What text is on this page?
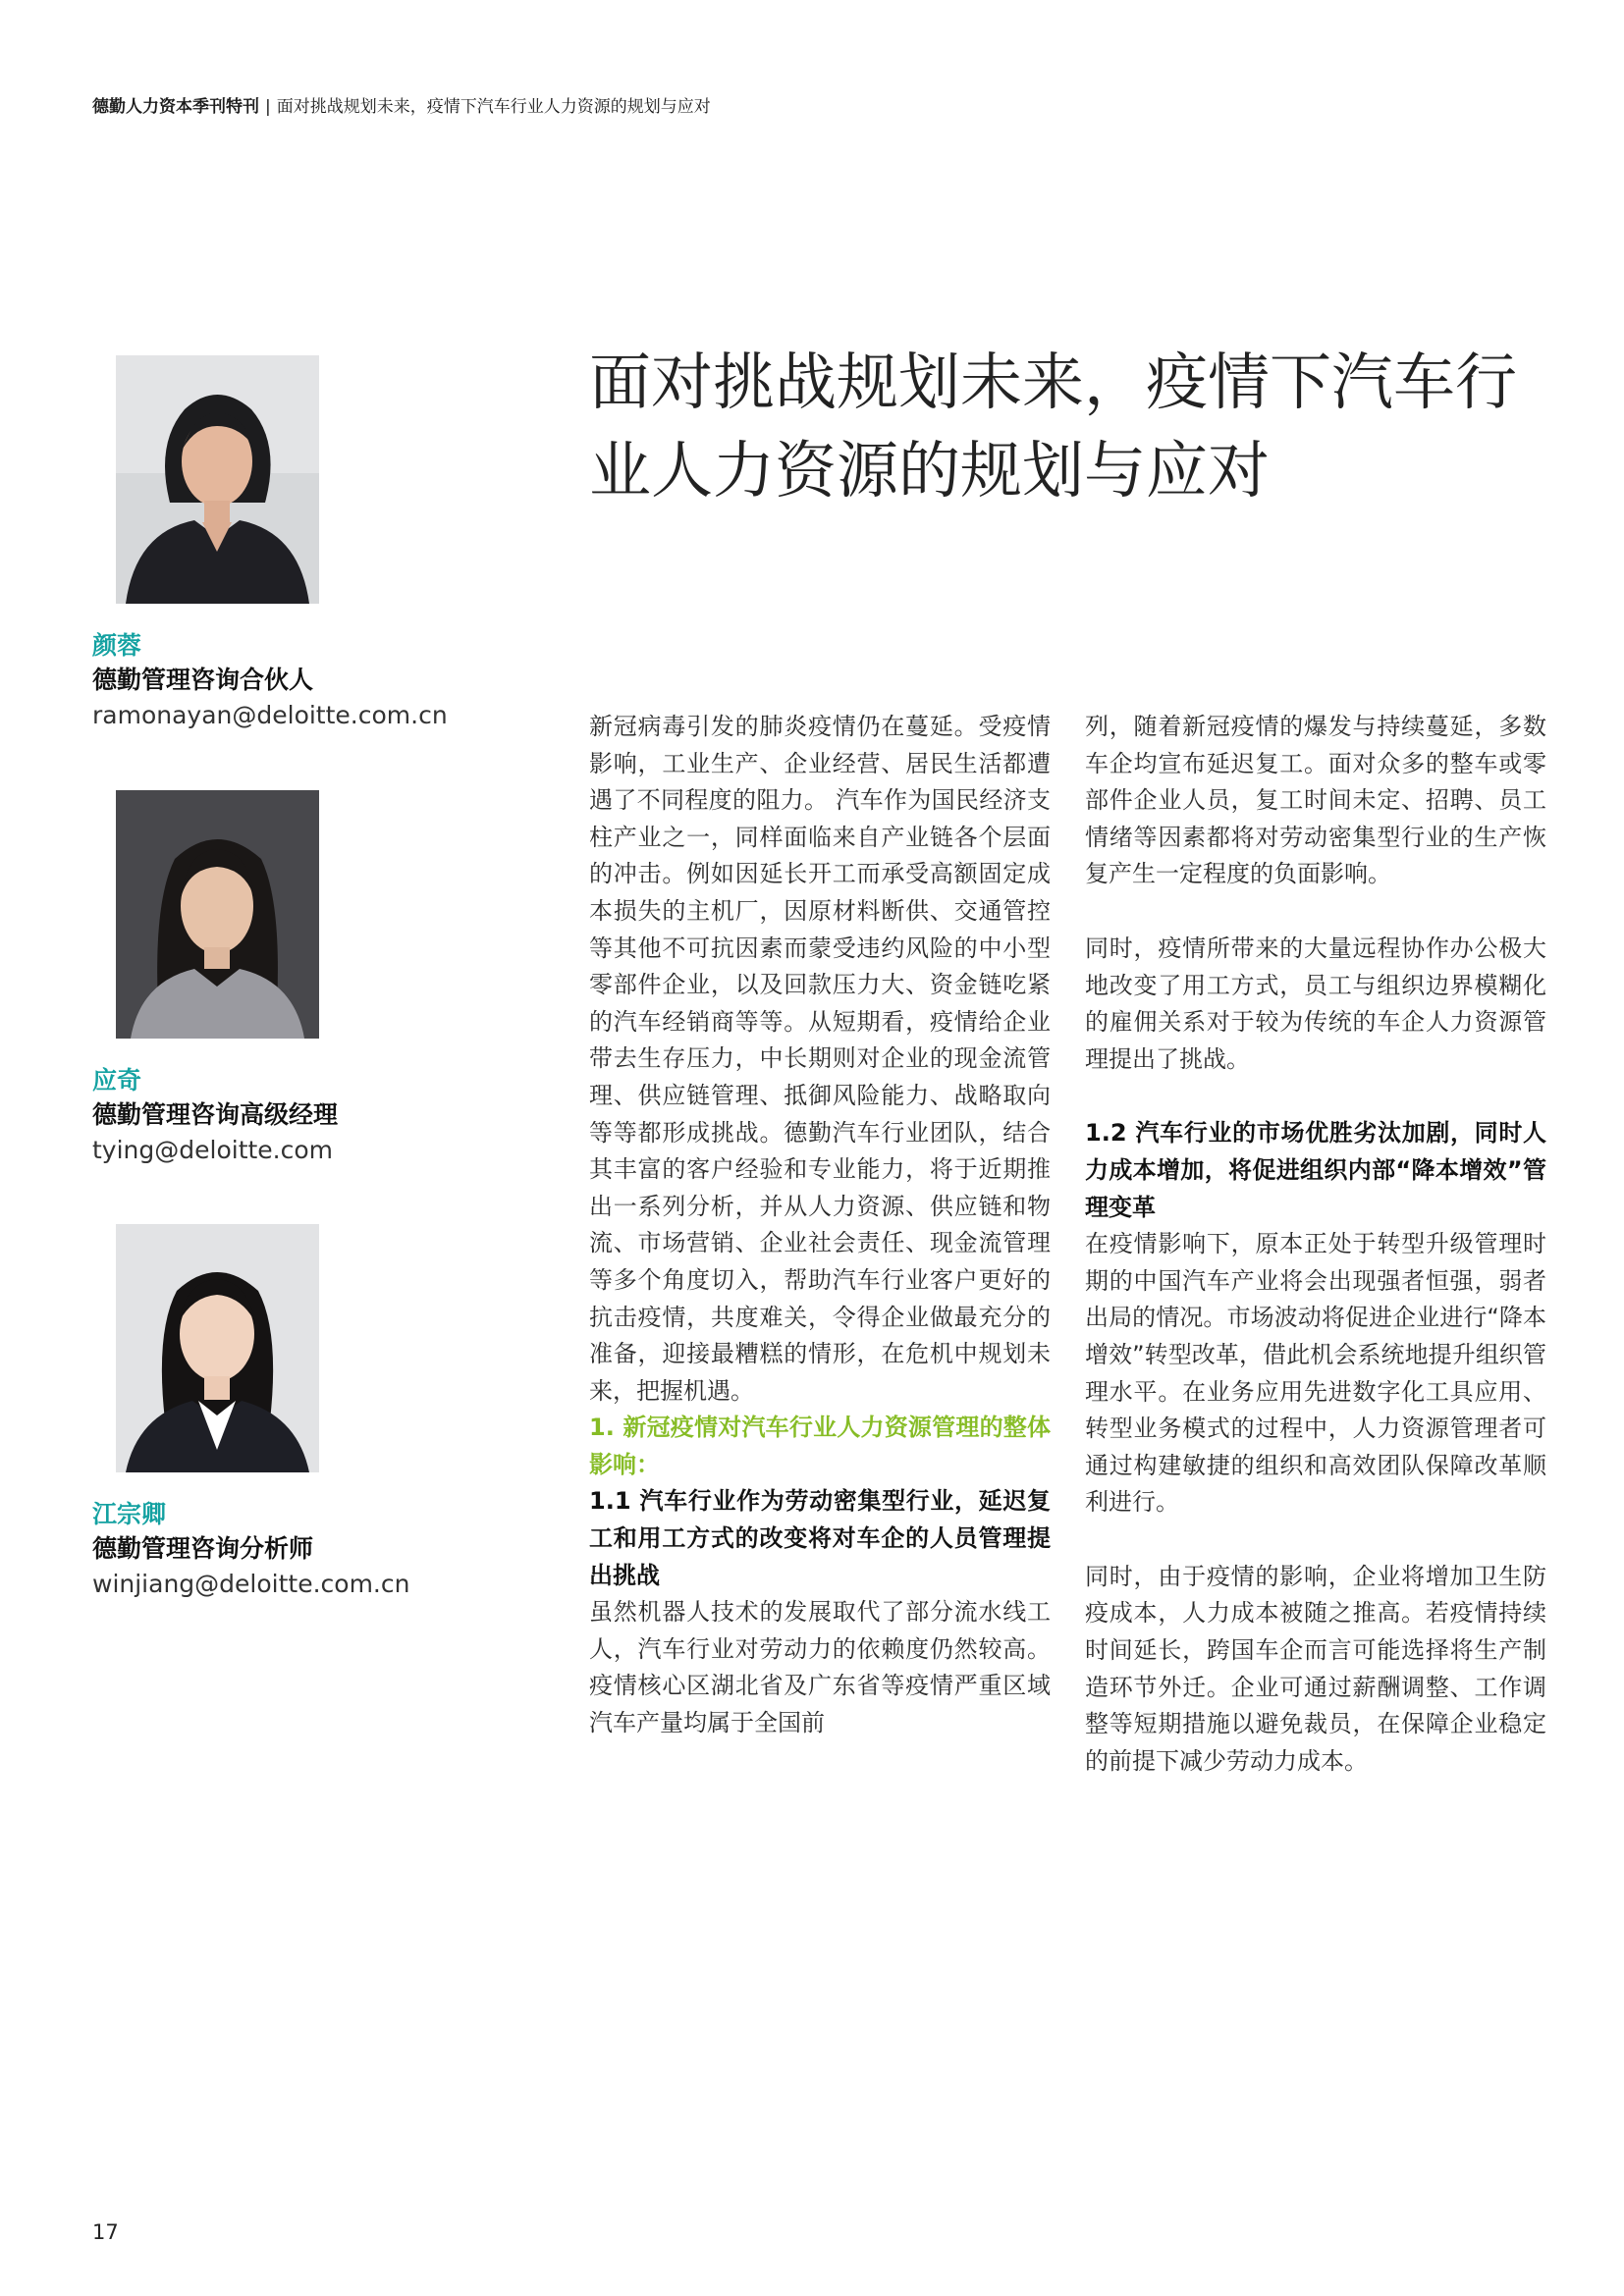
德勤人力资本季刊特刊 | 面对挑战规划未来，疫情下汽车行业人力资源的规划与应对
面对挑战规划未来，疫情下汽车行业人力资源的规划与应对
颜蓉
德勤管理咨询合伙人
ramonayan@deloitte.com.cn
应奇
德勤管理咨询高级经理
tying@deloitte.com
江宗卿
德勤管理咨询分析师
winjiang@deloitte.com.cn

新冠病毒引发的肺炎疫情仍在蔓延。受疫情影响，工业生产、企业经营、居民生活都遭遇了不同程度的阻力。 汽车作为国民经济支柱产业之一，同样面临来自产业链各个层面的冲击。例如因延长开工而承受高额固定成本损失的主机厂，因原材料断供、交通管控等其他不可抗因素而蒙受违约风险的中小型零部件企业，以及回款压力大、资金链吃紧的汽车经销商等等。从短期看，疫情给企业带去生存压力，中长期则对企业的现金流管理、供应链管理、抵御风险能力、战略取向等等都形成挑战。德勤汽车行业团队，结合其丰富的客户经验和专业能力，将于近期推出一系列分析，并从人力资源、供应链和物流、市场营销、企业社会责任、现金流管理等多个角度切入，帮助汽车行业客户更好的抗击疫情，共度难关，令得企业做最充分的准备，迎接最糟糕的情形，在危机中规划未来，把握机遇。

1. 新冠疫情对汽车行业人力资源管理的整体影响：

1.1 汽车行业作为劳动密集型行业，延迟复工和用工方式的改变将对车企的人员管理提出挑战

虽然机器人技术的发展取代了部分流水线工人，汽车行业对劳动力的依赖度仍然较高。疫情核心区湖北省及广东省等疫情严重区域汽车产量均属于全国前

列，随着新冠疫情的爆发与持续蔓延，多数车企均宣布延迟复工。面对众多的整车或零部件企业人员，复工时间未定、招聘、员工情绪等因素都将对劳动密集型行业的生产恢复产生一定程度的负面影响。

同时，疫情所带来的大量远程协作办公极大地改变了用工方式，员工与组织边界模糊化的雇佣关系对于较为传统的车企人力资源管理提出了挑战。

1.2 汽车行业的市场优胜劣汰加剧，同时人力成本增加，将促进组织内部“降本增效”管理变革

在疫情影响下，原本正处于转型升级管理时期的中国汽车产业将会出现强者恒强，弱者出局的情况。市场波动将促进企业进行“降本增效”转型改革，借此机会系统地提升组织管理水平。在业务应用先进数字化工具应用、转型业务模式的过程中，人力资源管理者可通过构建敏捷的组织和高效团队保障改革顺利进行。

同时，由于疫情的影响，企业将增加卫生防疫成本，人力成本被随之推高。若疫情持续时间延长，跨国车企而言可能选择将生产制造环节外迁。企业可通过薪酬调整、工作调整等短期措施以避免裁员，在保障企业稳定的前提下减少劳动力成本。

17
